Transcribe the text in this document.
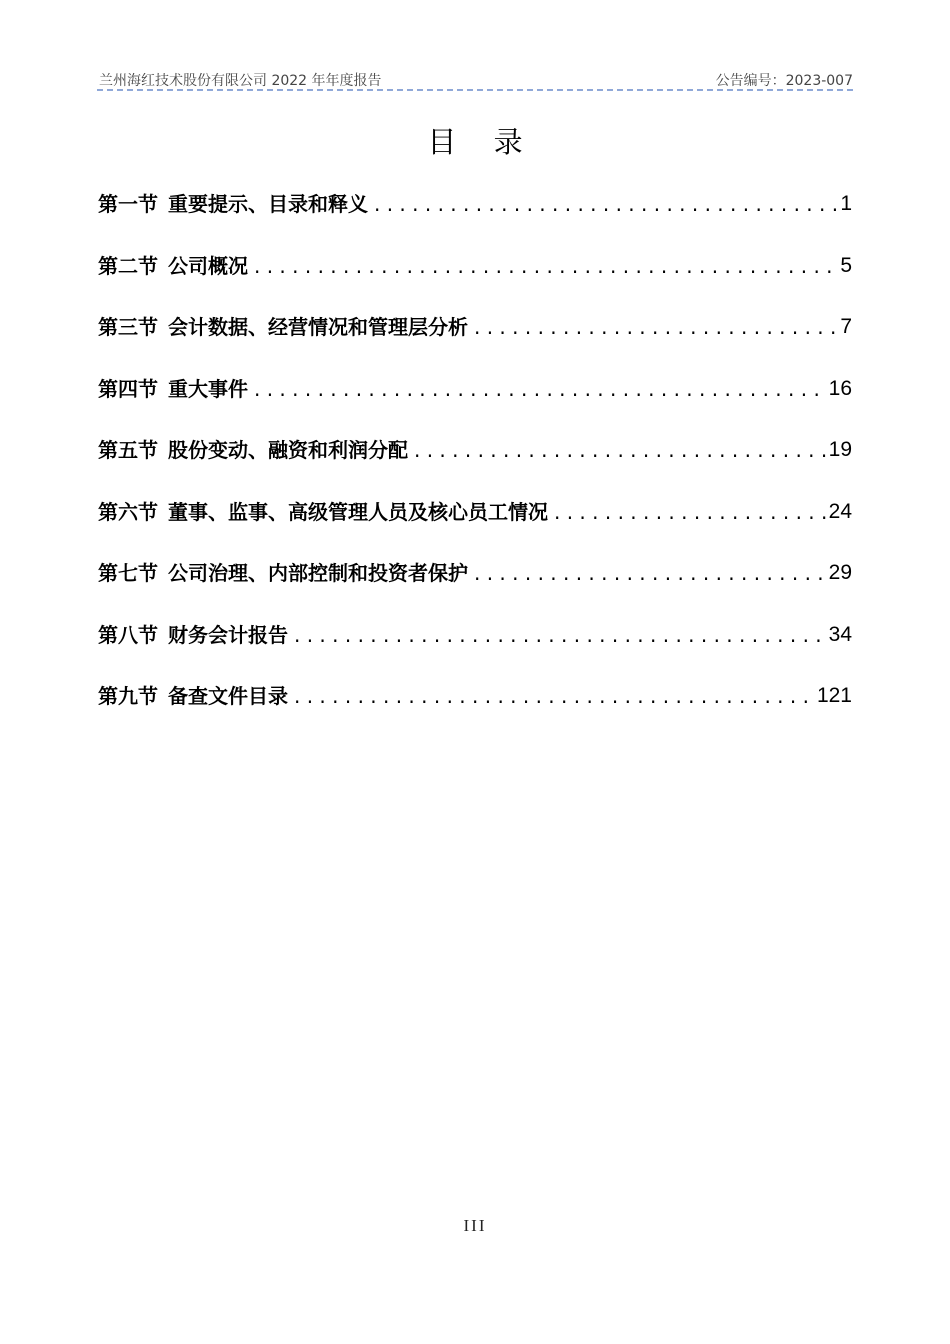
兰州海红技术股份有限公司 2022 年年度报告	公告编号：2023-007
目 录
第一节 重要提示、目录和释义 . . .	1
第二节 公司概况 . . .	5
第三节 会计数据、经营情况和管理层分析 . . .	7
第四节 重大事件 . . .	16
第五节 股份变动、融资和利润分配 . . .	19
第六节 董事、监事、高级管理人员及核心员工情况 . . .	24
第七节 公司治理、内部控制和投资者保护 . . .	29
第八节 财务会计报告 . . .	34
第九节 备查文件目录 . . .	121
III
